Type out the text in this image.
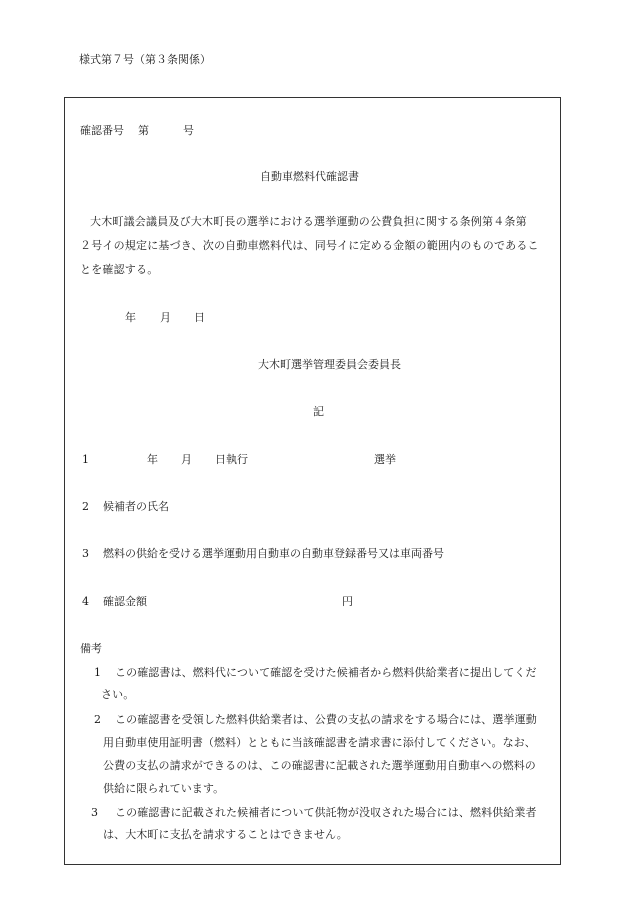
様式第７号（第３条関係）
確認番号 第	号
自動車燃料代確認書
大木町議会議員及び大木町長の選挙における選挙運動の公費負担に関する条例第４条第
２号イの規定に基づき、次の自動車燃料代は、同号イに定める金額の範囲内のものであるこ
とを確認する。
年 月 日
大木町選挙管理委員会委員長
記
1	年 月 日執行	選挙
2 候補者の氏名
3 燃料の供給を受ける選挙運動用自動車の自動車登録番号又は車両番号
4 確認金額	円
備考
1 この確認書は、燃料代について確認を受けた候補者から燃料供給業者に提出してくだ
さい。
2 この確認書を受領した燃料供給業者は、公費の支払の請求をする場合には、選挙運動
用自動車使用証明書（燃料）とともに当該確認書を請求書に添付してください。なお、
公費の支払の請求ができるのは、この確認書に記載された選挙運動用自動車への燃料の
供給に限られています。
3 この確認書に記載された候補者について供託物が没収された場合には、燃料供給業者
は、大木町に支払を請求することはできません。
